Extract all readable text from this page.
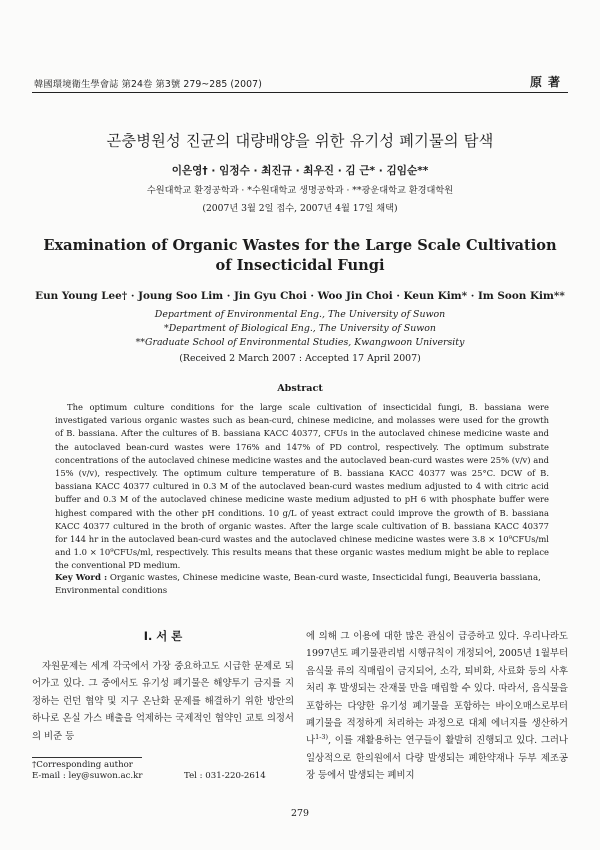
韓國環境衛生學會誌 第24卷 第3號 279~285 (2007)	原著
곤충병원성 진균의 대량배양을 위한 유기성 폐기물의 탐색
이은영† · 임정수 · 최진규 · 최우진 · 김 근* · 김임순**
수원대학교 환경공학과 · *수원대학교 생명공학과 · **광운대학교 환경대학원
(2007년 3월 2일 접수, 2007년 4월 17일 채택)
Examination of Organic Wastes for the Large Scale Cultivation of Insecticidal Fungi
Eun Young Lee† · Joung Soo Lim · Jin Gyu Choi · Woo Jin Choi · Keun Kim* · Im Soon Kim**
Department of Environmental Eng., The University of Suwon
*Department of Biological Eng., The University of Suwon
**Graduate School of Environmental Studies, Kwangwoon University
(Received 2 March 2007 : Accepted 17 April 2007)
Abstract
The optimum culture conditions for the large scale cultivation of insecticidal fungi, B. bassiana were investigated various organic wastes such as bean-curd, chinese medicine, and molasses were used for the growth of B. bassiana. After the cultures of B. bassiana KACC 40377, CFUs in the autoclaved chinese medicine waste and the autoclaved bean-curd wastes were 176% and 147% of PD control, respectively. The optimum substrate concentrations of the autoclaved chinese medicine wastes and the autoclaved bean-curd wastes were 25% (v/v) and 15% (v/v), respectively. The optimum culture temperature of B. bassiana KACC 40377 was 25°C. DCW of B. bassiana KACC 40377 cultured in 0.3 M of the autoclaved bean-curd wastes medium adjusted to 4 with citric acid buffer and 0.3 M of the autoclaved chinese medicine waste medium adjusted to pH 6 with phosphate buffer were highest compared with the other pH conditions. 10 g/L of yeast extract could improve the growth of B. bassiana KACC 40377 cultured in the broth of organic wastes. After the large scale cultivation of B. bassiana KACC 40377 for 144 hr in the autoclaved bean-curd wastes and the autoclaved chinese medicine wastes were 3.8 × 10⁹CFUs/ml and 1.0 × 10⁹CFUs/ml, respectively. This results means that these organic wastes medium might be able to replace the conventional PD medium.
Key Word : Organic wastes, Chinese medicine waste, Bean-curd waste, Insecticidal fungi, Beauveria bassiana, Environmental conditions
I. 서 론
자원문제는 세계 각국에서 가장 중요하고도 시급한 문제로 되어가고 있다. 그 중에서도 유기성 폐기물은 해양투기 금지를 지정하는 런던 협약 및 지구 온난화 문제를 해결하기 위한 방안의 하나로 온실 가스 배출을 억제하는 국제적인 협약인 교토 의정서의 비준 등
에 의해 그 이용에 대한 많은 관심이 급증하고 있다. 우리나라도 1997년도 폐기물관리법 시행규칙이 개정되어, 2005년 1월부터 음식물 류의 직매립이 금지되어, 소각, 퇴비화, 사료화 등의 사후 처리 후 발생되는 잔재물 만을 매립할 수 있다. 따라서, 음식물을 포함하는 다양한 유기성 폐기물을 포함하는 바이오매스로부터 폐기물을 적정하게 처리하는 과정으로 대체 에너지를 생산하거나$^{1-3)}$, 이를 재활용하는 연구들이 활발히 진행되고 있다. 그러나 일상적으로 한의원에서 다량 발생되는 폐한약재나 두부 제조공장 등에서 발생되는 폐비지
†Corresponding author
E-mail : ley@suwon.ac.kr	Tel : 031-220-2614
279
